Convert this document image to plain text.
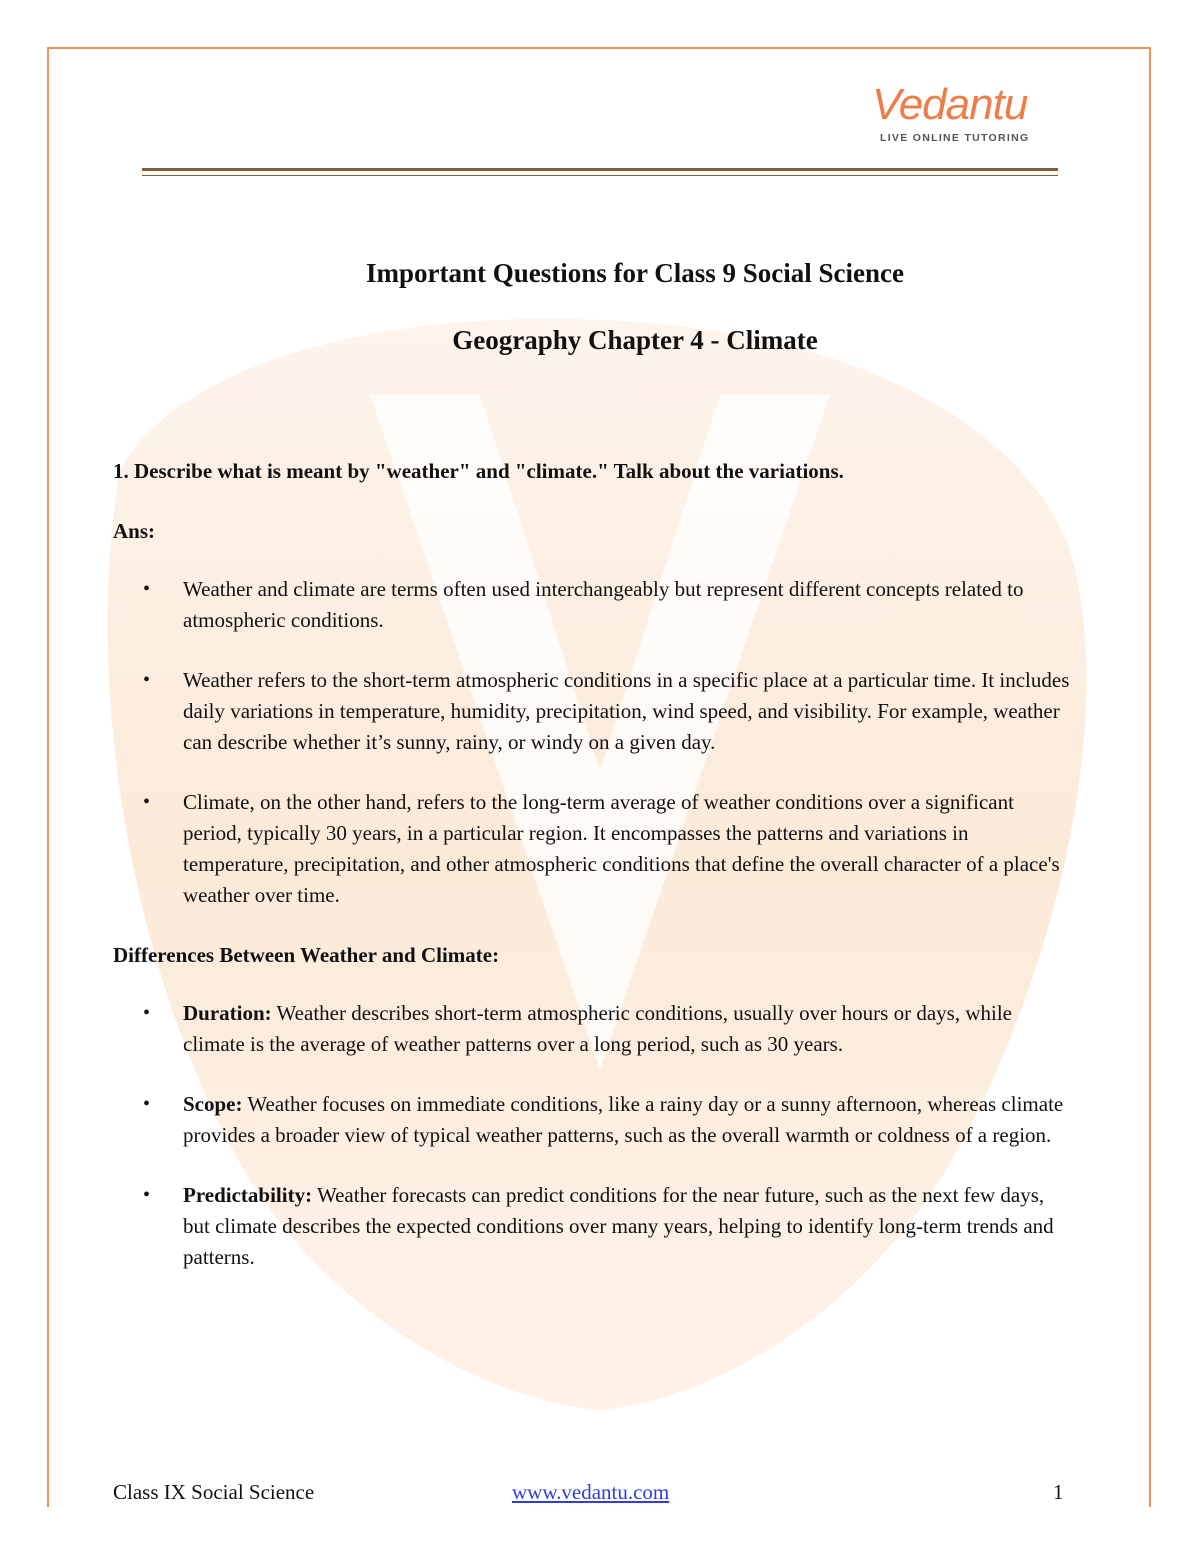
Vedantu
LIVE ONLINE TUTORING
Important Questions for Class 9 Social Science
Geography Chapter 4 - Climate

1. Describe what is meant by "weather" and "climate." Talk about the variations.

Ans:

• Weather and climate are terms often used interchangeably but represent different concepts related to atmospheric conditions.
• Weather refers to the short-term atmospheric conditions in a specific place at a particular time. It includes daily variations in temperature, humidity, precipitation, wind speed, and visibility. For example, weather can describe whether it’s sunny, rainy, or windy on a given day.
• Climate, on the other hand, refers to the long-term average of weather conditions over a significant period, typically 30 years, in a particular region. It encompasses the patterns and variations in temperature, precipitation, and other atmospheric conditions that define the overall character of a place's weather over time.

Differences Between Weather and Climate:

• Duration: Weather describes short-term atmospheric conditions, usually over hours or days, while climate is the average of weather patterns over a long period, such as 30 years.
• Scope: Weather focuses on immediate conditions, like a rainy day or a sunny afternoon, whereas climate provides a broader view of typical weather patterns, such as the overall warmth or coldness of a region.
• Predictability: Weather forecasts can predict conditions for the near future, such as the next few days, but climate describes the expected conditions over many years, helping to identify long-term trends and patterns.
Class IX Social Science	www.vedantu.com	1
